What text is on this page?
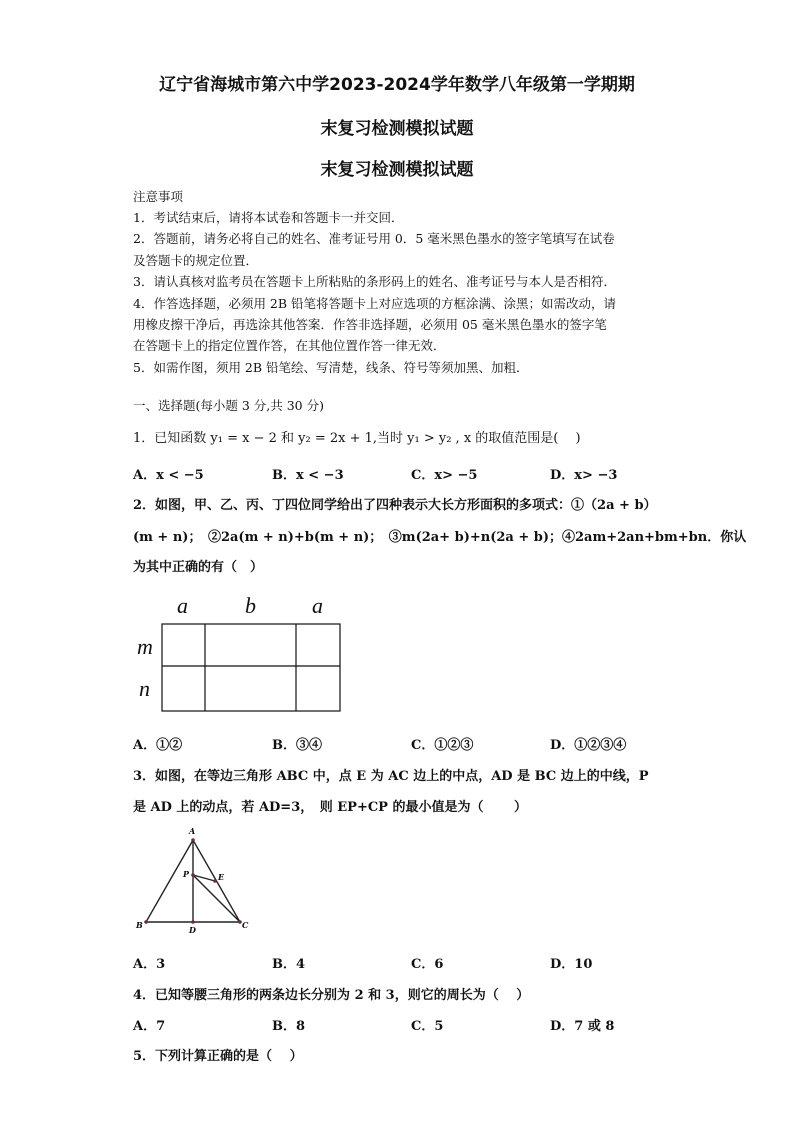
辽宁省海城市第六中学2023-2024学年数学八年级第一学期期
末复习检测模拟试题
末复习检测模拟试题
注意事项
1．考试结束后，请将本试卷和答题卡一并交回．
2．答题前，请务必将自己的姓名、准考证号用 0．5 毫米黑色墨水的签字笔填写在试卷
及答题卡的规定位置．
3．请认真核对监考员在答题卡上所粘贴的条形码上的姓名、准考证号与本人是否相符．
4．作答选择题，必须用 2B 铅笔将答题卡上对应选项的方框涂满、涂黑；如需改动，请
用橡皮擦干净后，再选涂其他答案．作答非选择题，必须用 05 毫米黑色墨水的签字笔
在答题卡上的指定位置作答，在其他位置作答一律无效．
5．如需作图，须用 2B 铅笔绘、写清楚，线条、符号等须加黑、加粗．
一、选择题(每小题 3 分,共 30 分)
1．已知函数 y₁ = x − 2 和 y₂ = 2x + 1,当时 y₁ > y₂ , x 的取值范围是(　 )
A．x < −5	B．x < −3	C．x> −5	D．x> −3
2．如图，甲、乙、丙、丁四位同学给出了四种表示大长方形面积的多项式：①（2a + b）
(m + n)；　②2a(m + n)+b(m + n)；　③m(2a+ b)+n(2a + b)；④2am+2an+bm+bn．你认
为其中正确的有（　）
a	b	a
m
n
A．①②	B．③④	C．①②③	D．①②③④
3．如图，在等边三角形 ABC 中，点 E 为 AC 边上的中点，AD 是 BC 边上的中线，P
是 AD 上的动点，若 AD=3，　则 EP+CP 的最小值是为（　　 ）
A
P	E
B	D	C
A．3	B．4	C．6	D．10
4．已知等腰三角形的两条边长分别为 2 和 3，则它的周长为（　 ）
A．7	B．8	C．5	D．7 或 8
5．下列计算正确的是（　 ）
